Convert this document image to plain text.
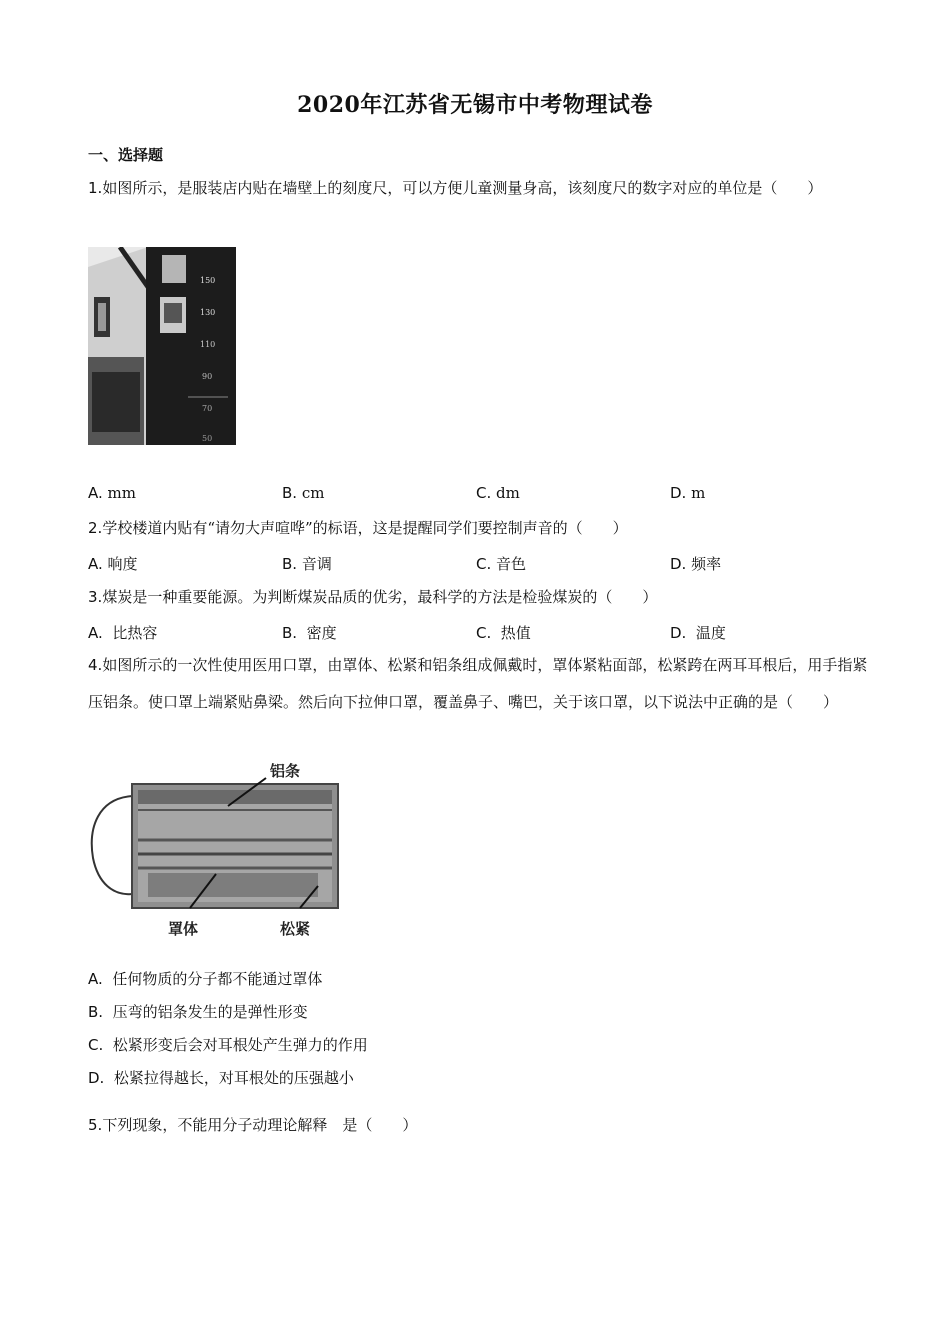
2020年江苏省无锡市中考物理试卷
一、选择题
1.如图所示，是服装店内贴在墙壁上的刻度尺，可以方便儿童测量身高，该刻度尺的数字对应的单位是（　　）
150
130
110
90
70
50
A. mm	B. cm	C. dm	D. m
2.学校楼道内贴有“请勿大声喧哗”的标语，这是提醒同学们要控制声音的（　　）
A. 响度	B. 音调	C. 音色	D. 频率
3.煤炭是一种重要能源。为判断煤炭品质的优劣，最科学的方法是检验煤炭的（　　）
A. 比热容	B. 密度	C. 热值	D. 温度
4.如图所示的一次性使用医用口罩，由罩体、松紧和铝条组成佩戴时，罩体紧粘面部，松紧跨在两耳耳根后，用手指紧压铝条。使口罩上端紧贴鼻梁。然后向下拉伸口罩，覆盖鼻子、嘴巴，关于该口罩，以下说法中正确的是（　　）
铝条
罩体	松紧
A. 任何物质的分子都不能通过罩体
B. 压弯的铝条发生的是弹性形变
C. 松紧形变后会对耳根处产生弹力的作用
D. 松紧拉得越长，对耳根处的压强越小
5.下列现象，不能用分子动理论解释　是（　　）
